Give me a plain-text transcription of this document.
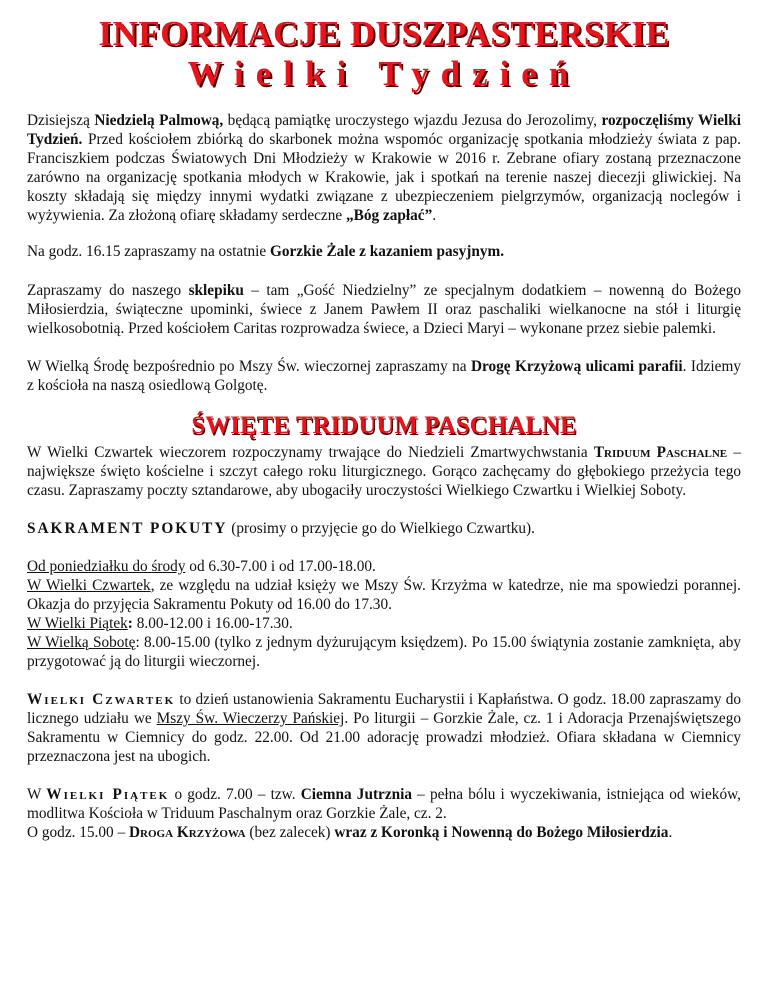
INFORMACJE DUSZPASTERSKIE
Wielki Tydzień

Dzisiejszą Niedzielą Palmową, będącą pamiątkę uroczystego wjazdu Jezusa do Jerozolimy, rozpoczęliśmy Wielki Tydzień. Przed kościołem zbiórką do skarbonek można wspomóc organizację spotkania młodzieży świata z pap. Franciszkiem podczas Światowych Dni Młodzieży w Krakowie w 2016 r. Zebrane ofiary zostaną przeznaczone zarówno na organizację spotkania młodych w Krakowie, jak i spotkań na terenie naszej diecezji gliwickiej. Na koszty składają się między innymi wydatki związane z ubezpieczeniem pielgrzymów, organizacją noclegów i wyżywienia. Za złożoną ofiarę składamy serdeczne „Bóg zapłać”.

Na godz. 16.15 zapraszamy na ostatnie Gorzkie Żale z kazaniem pasyjnym.

Zapraszamy do naszego sklepiku – tam „Gość Niedzielny” ze specjalnym dodatkiem – nowenną do Bożego Miłosierdzia, świąteczne upominki, świece z Janem Pawłem II oraz paschaliki wielkanocne na stół i liturgię wielkosobotnią. Przed kościołem Caritas rozprowadza świece, a Dzieci Maryi – wykonane przez siebie palemki.

W Wielką Środę bezpośrednio po Mszy Św. wieczornej zapraszamy na Drogę Krzyżową ulicami parafii. Idziemy z kościoła na naszą osiedlową Golgotę.

ŚWIĘTE TRIDUUM PASCHALNE

W Wielki Czwartek wieczorem rozpoczynamy trwające do Niedzieli Zmartwychwstania Triduum Paschalne – największe święto kościelne i szczyt całego roku liturgicznego. Gorąco zachęcamy do głębokiego przeżycia tego czasu. Zapraszamy poczty sztandarowe, aby ubogaciły uroczystości Wielkiego Czwartku i Wielkiej Soboty.

SAKRAMENT POKUTY (prosimy o przyjęcie go do Wielkiego Czwartku).

Od poniedziałku do środy od 6.30-7.00 i od 17.00-18.00.

W Wielki Czwartek, ze względu na udział księży we Mszy Św. Krzyżma w katedrze, nie ma spowiedzi porannej. Okazja do przyjęcia Sakramentu Pokuty od 16.00 do 17.30.

W Wielki Piątek: 8.00-12.00 i 16.00-17.30.

W Wielką Sobotę: 8.00-15.00 (tylko z jednym dyżurującym księdzem). Po 15.00 świątynia zostanie zamknięta, aby przygotować ją do liturgii wieczornej.

Wielki Czwartek to dzień ustanowienia Sakramentu Eucharystii i Kapłaństwa. O godz. 18.00 zapraszamy do licznego udziału we Mszy Św. Wieczerzy Pańskiej. Po liturgii – Gorzkie Żale, cz. 1 i Adoracja Przenajświętszego Sakramentu w Ciemnicy do godz. 22.00. Od 21.00 adorację prowadzi młodzież. Ofiara składana w Ciemnicy przeznaczona jest na ubogich.

W Wielki Piątek o godz. 7.00 – tzw. Ciemna Jutrznia – pełna bólu i wyczekiwania, istniejąca od wieków, modlitwa Kościoła w Triduum Paschalnym oraz Gorzkie Żale, cz. 2.

O godz. 15.00 – Droga Krzyżowa (bez zalecek) wraz z Koronką i Nowenną do Bożego Miłosierdzia.
